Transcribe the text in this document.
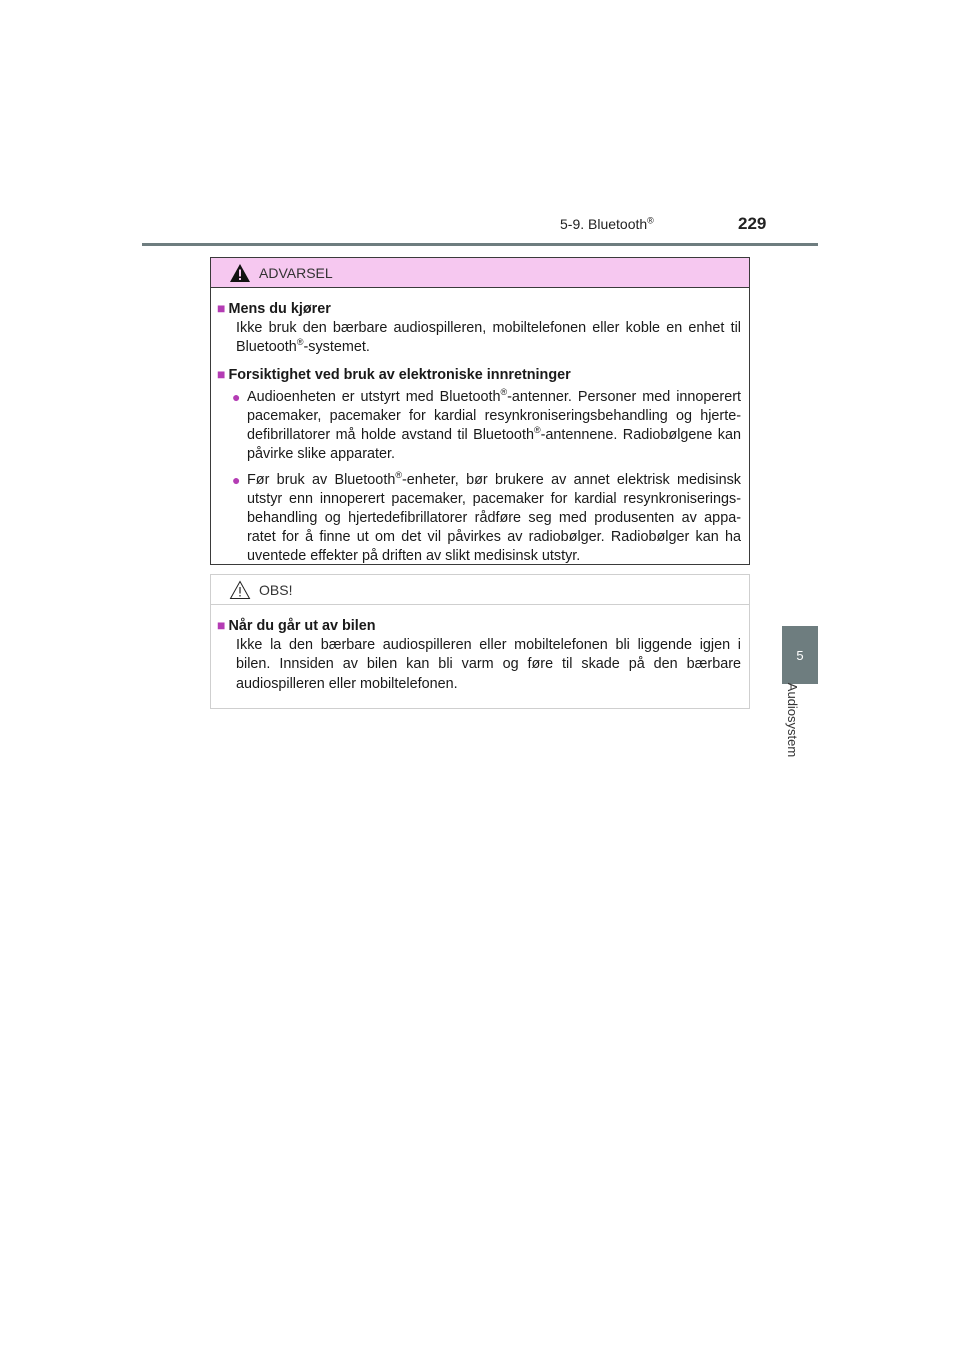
5-9. Bluetooth®	229
5
Audiosystem
ADVARSEL
■ Mens du kjører
Ikke bruk den bærbare audiospilleren, mobiltelefonen eller koble en enhet til Bluetooth®-systemet.
■ Forsiktighet ved bruk av elektroniske innretninger
● Audioenheten er utstyrt med Bluetooth®-antenner. Personer med innoperert pacemaker, pacemaker for kardial resynkroniseringsbehandling og hjerte-defibrillatorer må holde avstand til Bluetooth®-antennene. Radiobølgene kan påvirke slike apparater.
● Før bruk av Bluetooth®-enheter, bør brukere av annet elektrisk medisinsk utstyr enn innoperert pacemaker, pacemaker for kardial resynkroniserings-behandling og hjertedefibrillatorer rådføre seg med produsenten av appa-ratet for å finne ut om det vil påvirkes av radiobølger. Radiobølger kan ha uventede effekter på driften av slikt medisinsk utstyr.
OBS!
■ Når du går ut av bilen
Ikke la den bærbare audiospilleren eller mobiltelefonen bli liggende igjen i bilen. Innsiden av bilen kan bli varm og føre til skade på den bærbare audiospilleren eller mobiltelefonen.
